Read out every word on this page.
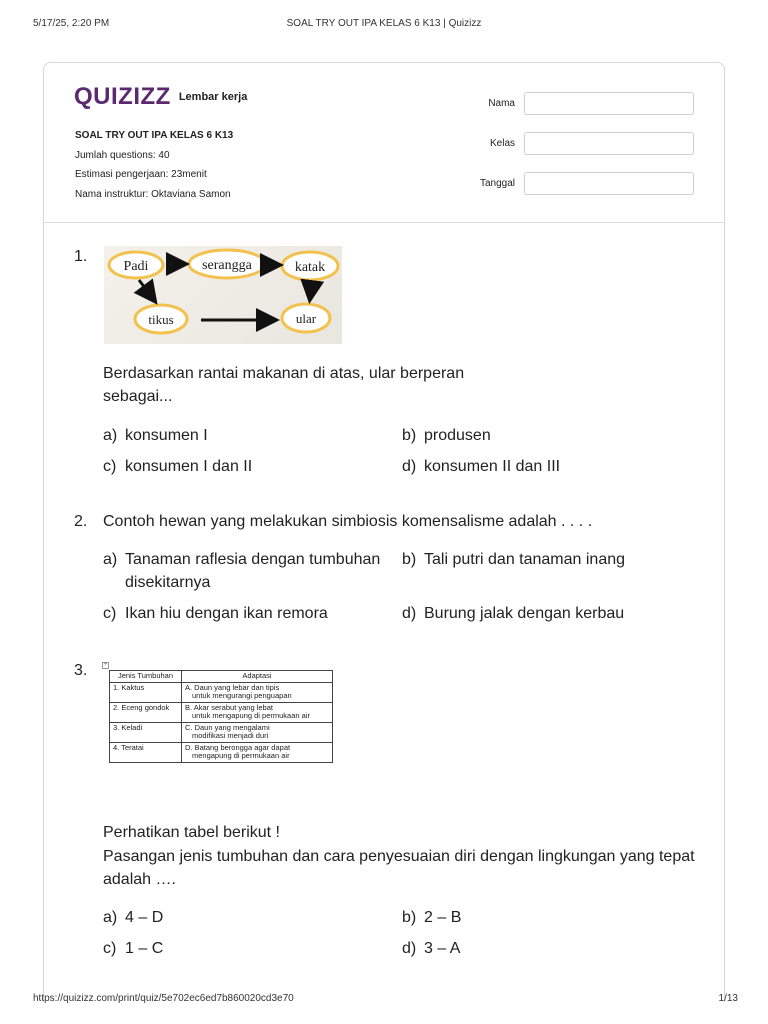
5/17/25, 2:20 PM	SOAL TRY OUT IPA KELAS 6 K13 | Quizizz
QUIZIZZ Lembar kerja
SOAL TRY OUT IPA KELAS 6 K13
Jumlah questions: 40
Estimasi pengerjaan: 23menit
Nama instruktur: Oktaviana Samon
Nama
Kelas
Tanggal
1.
Padi	serangga	katak
tikus	ular
Berdasarkan rantai makanan di atas, ular berperan sebagai...
a) konsumen I	b) produsen
c) konsumen I dan II	d) konsumen II dan III
2. Contoh hewan yang melakukan simbiosis komensalisme adalah . . . .
a) Tanaman raflesia dengan tumbuhan disekitarnya
b) Tali putri dan tanaman inang
c) Ikan hiu dengan ikan remora	d) Burung jalak dengan kerbau
3.	+
Jenis Tumbuhan	Adaptasi
1. Kaktus	A. Daun yang lebar dan tipis
untuk mengurangi penguapan

2. Eceng gondok	B. Akar serabut yang lebat
untuk mengapung di permukaan air

3. Keladi	C. Daun yang mengalami
modifikasi menjadi duri

4. Teratai	D. Batang berongga agar dapat
mengapung di permukaan air
Perhatikan tabel berikut !
Pasangan jenis tumbuhan dan cara penyesuaian diri dengan lingkungan yang tepat adalah ….
a) 4 – D	b) 2 – B
c) 1 – C	d) 3 – A
https://quizizz.com/print/quiz/5e702ec6ed7b860020cd3e70	1/13
